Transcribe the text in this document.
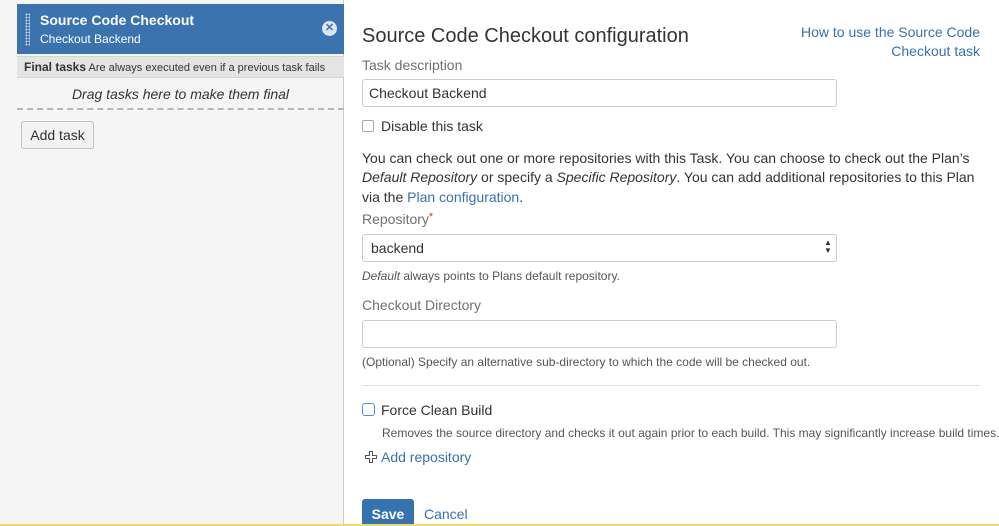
Source Code Checkout
Checkout Backend
✕
Final tasks Are always executed even if a previous task fails
Drag tasks here to make them final
Add task
Source Code Checkout configuration	How to use the Source Code Checkout task
Task description
Checkout Backend
Disable this task
You can check out one or more repositories with this Task. You can choose to check out the Plan’s Default Repository or specify a Specific Repository. You can add additional repositories to this Plan via the Plan configuration.
Repository*
backend	▲
▼
Default always points to Plans default repository.
Checkout Directory
(Optional) Specify an alternative sub-directory to which the code will be checked out.
Force Clean Build
Removes the source directory and checks it out again prior to each build. This may significantly increase build times.
Add repository
Save	Cancel
